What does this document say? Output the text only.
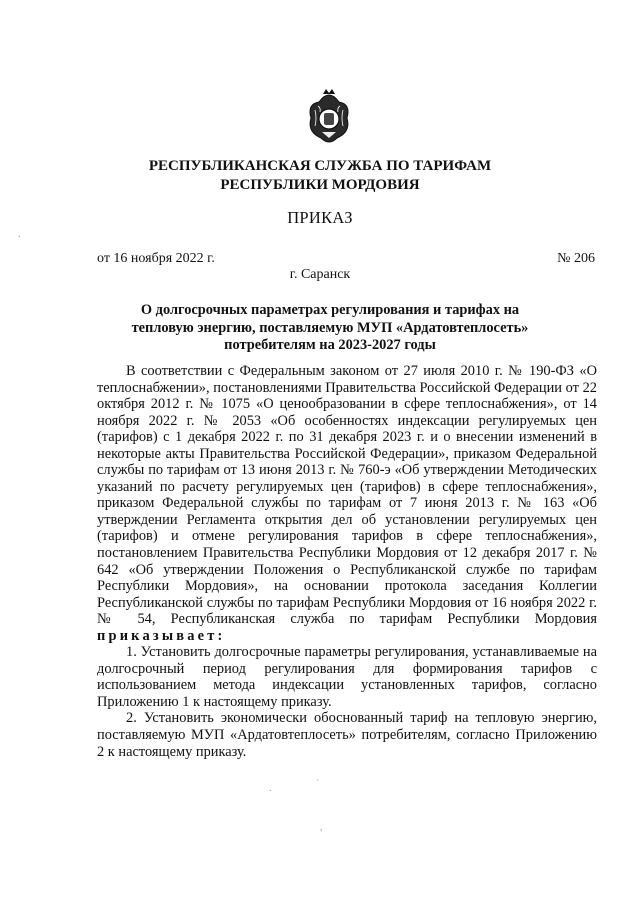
РЕСПУБЛИКАНСКАЯ СЛУЖБА ПО ТАРИФАМ
РЕСПУБЛИКИ МОРДОВИЯ
ПРИКАЗ
от 16 ноября 2022 г.	№ 206
г. Саранск
О долгосрочных параметрах регулирования и тарифах на
тепловую энергию, поставляемую МУП «Ардатовтеплосеть»
потребителям на 2023-2027 годы

В соответствии с Федеральным законом от 27 июля 2010 г. № 190-ФЗ «О теплоснабжении», постановлениями Правительства Российской Федерации от 22 октября 2012 г. № 1075 «О ценообразовании в сфере теплоснабжения», от 14 ноября 2022 г. № 2053 «Об особенностях индексации регулируемых цен (тарифов) с 1 декабря 2022 г. по 31 декабря 2023 г. и о внесении изменений в некоторые акты Правительства Российской Федерации», приказом Федеральной службы по тарифам от 13 июня 2013 г. № 760-э «Об утверждении Методических указаний по расчету регулируемых цен (тарифов) в сфере теплоснабжения», приказом Федеральной службы по тарифам от 7 июня 2013 г. № 163 «Об утверждении Регламента открытия дел об установлении регулируемых цен (тарифов) и отмене регулирования тарифов в сфере теплоснабжения», постановлением Правительства Республики Мордовия от 12 декабря 2017 г. № 642 «Об утверждении Положения о Республиканской службе по тарифам Республики Мордовия», на основании протокола заседания Коллегии Республиканской службы по тарифам Республики Мордовия от 16 ноября 2022 г. № 54, Республиканская служба по тарифам Республики Мордовия приказывает:

1. Установить долгосрочные параметры регулирования, устанавливаемые на долгосрочный период регулирования для формирования тарифов с использованием метода индексации установленных тарифов, согласно Приложению 1 к настоящему приказу.

2. Установить экономически обоснованный тариф на тепловую энергию, поставляемую МУП «Ардатовтеплосеть» потребителям, согласно Приложению 2 к настоящему приказу.

.
.	`
,
